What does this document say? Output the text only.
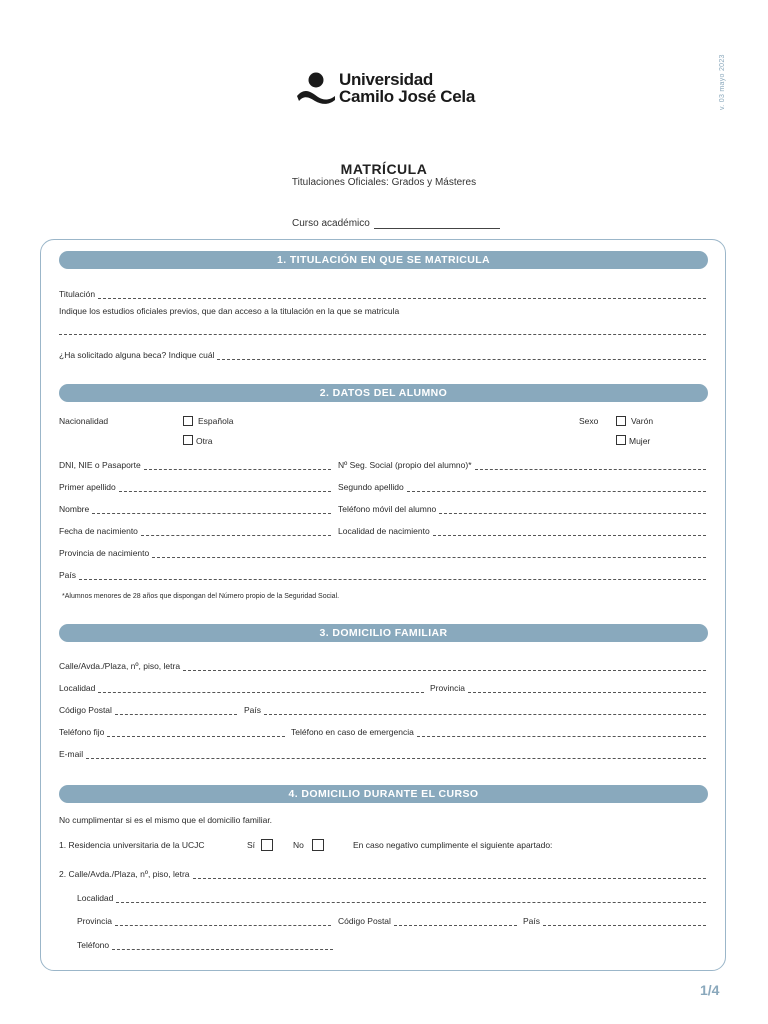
v. 03 mayo 2023
Universidad
Camilo José Cela
MATRÍCULA
Titulaciones Oficiales: Grados y Másteres
Curso académico
1. TITULACIÓN EN QUE SE MATRICULA
Titulación
Indique los estudios oficiales previos, que dan acceso a la titulación en la que se matricula
¿Ha solicitado alguna beca? Indique cuál
2. DATOS DEL ALUMNO
Nacionalidad	Española
Otra
Sexo	Varón
Mujer
DNI, NIE o Pasaporte	Nº Seg. Social (propio del alumno)*
Primer apellido	Segundo apellido
Nombre	Teléfono móvil del alumno
Fecha de nacimiento	Localidad de nacimiento
Provincia de nacimiento
País
*Alumnos menores de 28 años que dispongan del Número propio de la Seguridad Social.
3. DOMICILIO FAMILIAR
Calle/Avda./Plaza, nº, piso, letra
Localidad	Provincia
Código Postal	País
Teléfono fijo	Teléfono en caso de emergencia
E-mail
4. DOMICILIO DURANTE EL CURSO
No cumplimentar si es el mismo que el domicilio familiar.
1. Residencia universitaria de la UCJC	Sí	No	En caso negativo cumplimente el siguiente apartado:
2. Calle/Avda./Plaza, nº, piso, letra
Localidad
Provincia	Código Postal	País
Teléfono
1/4
